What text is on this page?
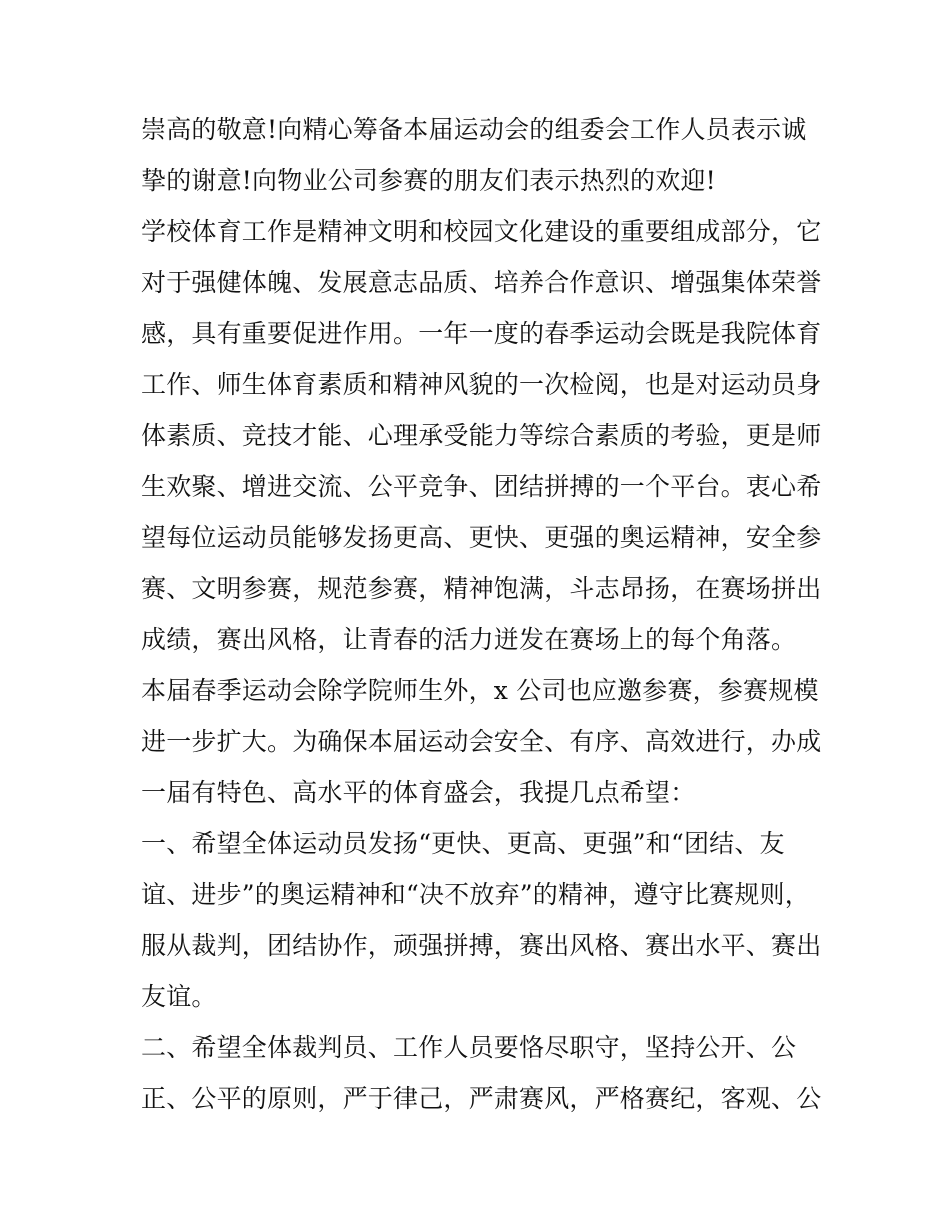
崇高的敬意!向精心筹备本届运动会的组委会工作人员表示诚
挚的谢意!向物业公司参赛的朋友们表示热烈的欢迎!
学校体育工作是精神文明和校园文化建设的重要组成部分，它
对于强健体魄、发展意志品质、培养合作意识、增强集体荣誉
感，具有重要促进作用。一年一度的春季运动会既是我院体育
工作、师生体育素质和精神风貌的一次检阅，也是对运动员身
体素质、竞技才能、心理承受能力等综合素质的考验，更是师
生欢聚、增进交流、公平竞争、团结拼搏的一个平台。衷心希
望每位运动员能够发扬更高、更快、更强的奥运精神，安全参
赛、文明参赛，规范参赛，精神饱满，斗志昂扬，在赛场拼出
成绩，赛出风格，让青春的活力迸发在赛场上的每个角落。
本届春季运动会除学院师生外，x 公司也应邀参赛，参赛规模
进一步扩大。为确保本届运动会安全、有序、高效进行，办成
一届有特色、高水平的体育盛会，我提几点希望：
一、希望全体运动员发扬“更快、更高、更强”和“团结、友
谊、进步”的奥运精神和“决不放弃”的精神，遵守比赛规则，
服从裁判，团结协作，顽强拼搏，赛出风格、赛出水平、赛出
友谊。
二、希望全体裁判员、工作人员要恪尽职守，坚持公开、公
正、公平的原则，严于律己，严肃赛风，严格赛纪，客观、公
